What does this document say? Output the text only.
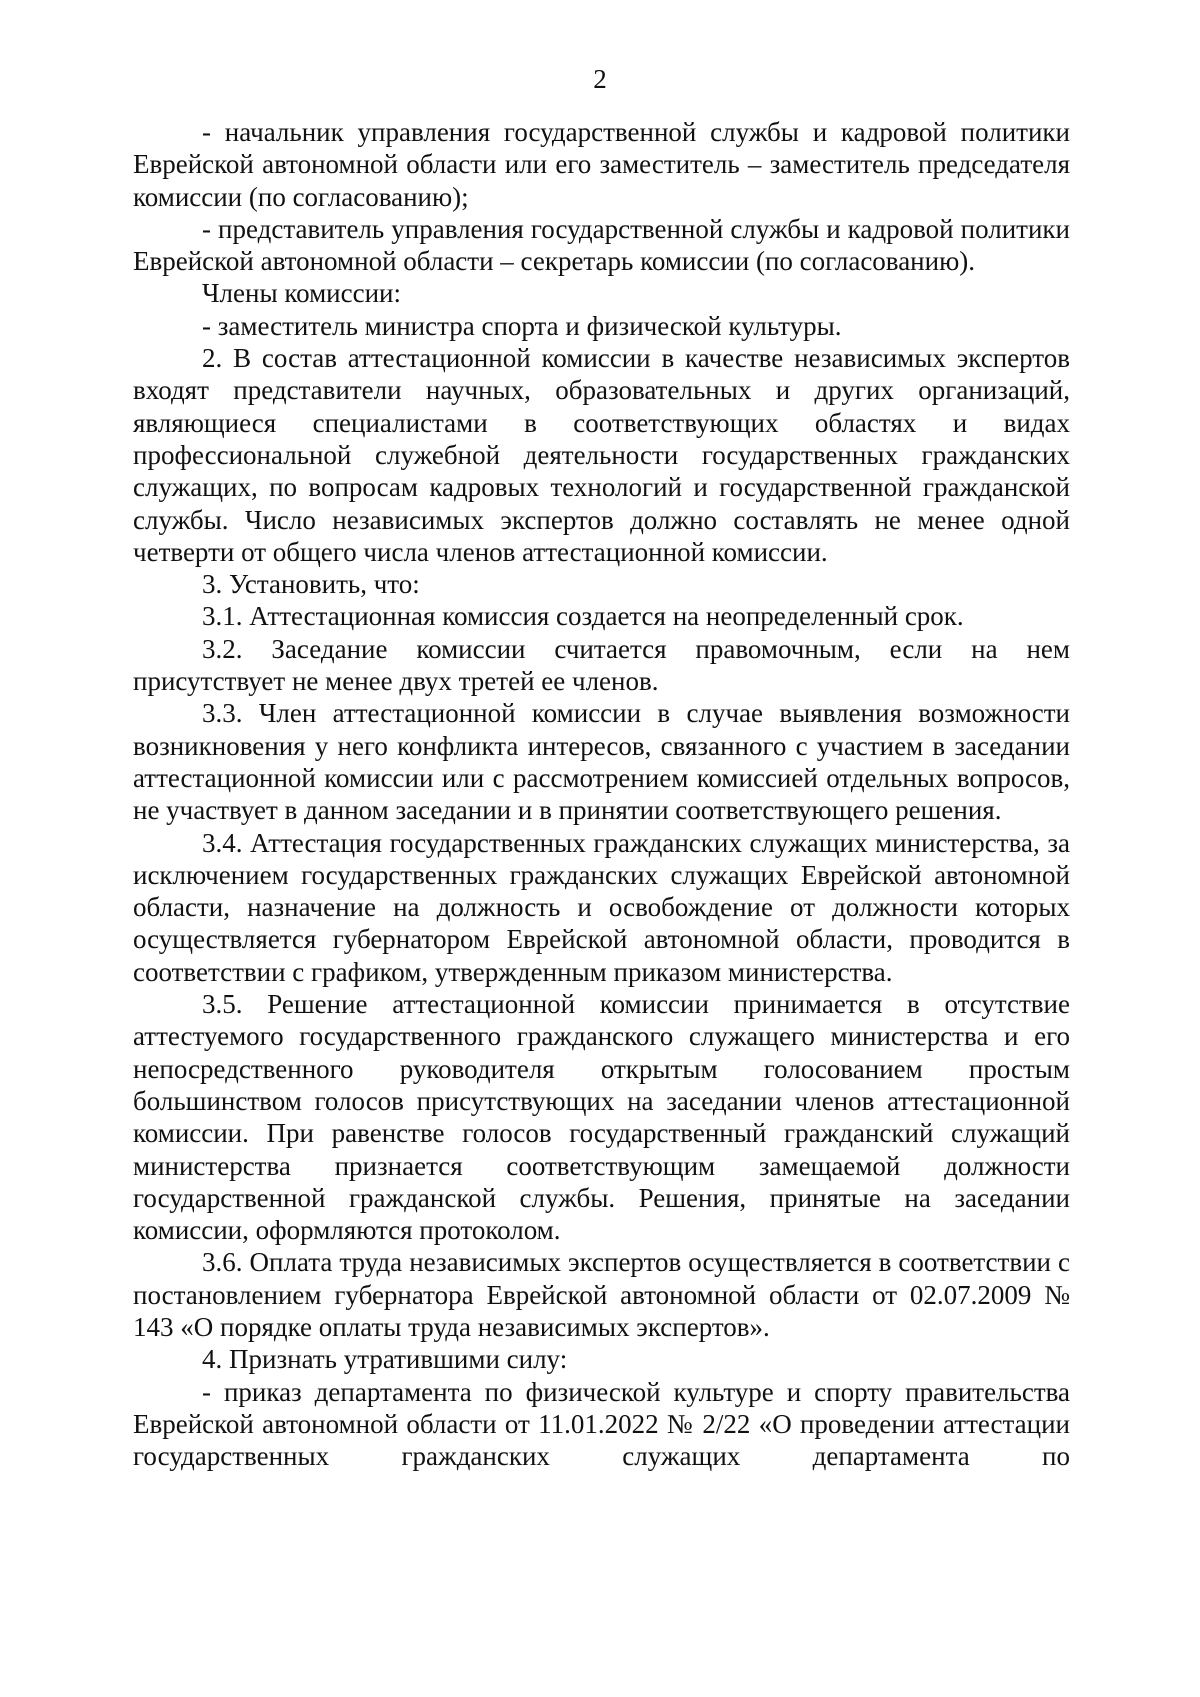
2

- начальник управления государственной службы и кадровой политики Еврейской автономной области или его заместитель – заместитель председателя комиссии (по согласованию);

- представитель управления государственной службы и кадровой политики Еврейской автономной области – секретарь комиссии (по согласованию).

Члены комиссии:

- заместитель министра спорта и физической культуры.

2. В состав аттестационной комиссии в качестве независимых экспертов входят представители научных, образовательных и других организаций, являющиеся специалистами в соответствующих областях и видах профессиональной служебной деятельности государственных гражданских служащих, по вопросам кадровых технологий и государственной гражданской службы. Число независимых экспертов должно составлять не менее одной четверти от общего числа членов аттестационной комиссии.

3. Установить, что:

3.1. Аттестационная комиссия создается на неопределенный срок.

3.2. Заседание комиссии считается правомочным, если на нем присутствует не менее двух третей ее членов.

3.3. Член аттестационной комиссии в случае выявления возможности возникновения у него конфликта интересов, связанного с участием в заседании аттестационной комиссии или с рассмотрением комиссией отдельных вопросов, не участвует в данном заседании и в принятии соответствующего решения.

3.4. Аттестация государственных гражданских служащих министерства, за исключением государственных гражданских служащих Еврейской автономной области, назначение на должность и освобождение от должности которых осуществляется губернатором Еврейской автономной области, проводится в соответствии с графиком, утвержденным приказом министерства.

3.5. Решение аттестационной комиссии принимается в отсутствие аттестуемого государственного гражданского служащего министерства и его непосредственного руководителя открытым голосованием простым большинством голосов присутствующих на заседании членов аттестационной комиссии. При равенстве голосов государственный гражданский служащий министерства признается соответствующим замещаемой должности государственной гражданской службы. Решения, принятые на заседании комиссии, оформляются протоколом.

3.6. Оплата труда независимых экспертов осуществляется в соответствии с постановлением губернатора Еврейской автономной области от 02.07.2009 № 143 «О порядке оплаты труда независимых экспертов».

4. Признать утратившими силу:

- приказ департамента по физической культуре и спорту правительства Еврейской автономной области от 11.01.2022 № 2/22 «О проведении аттестации государственных гражданских служащих департамента по
